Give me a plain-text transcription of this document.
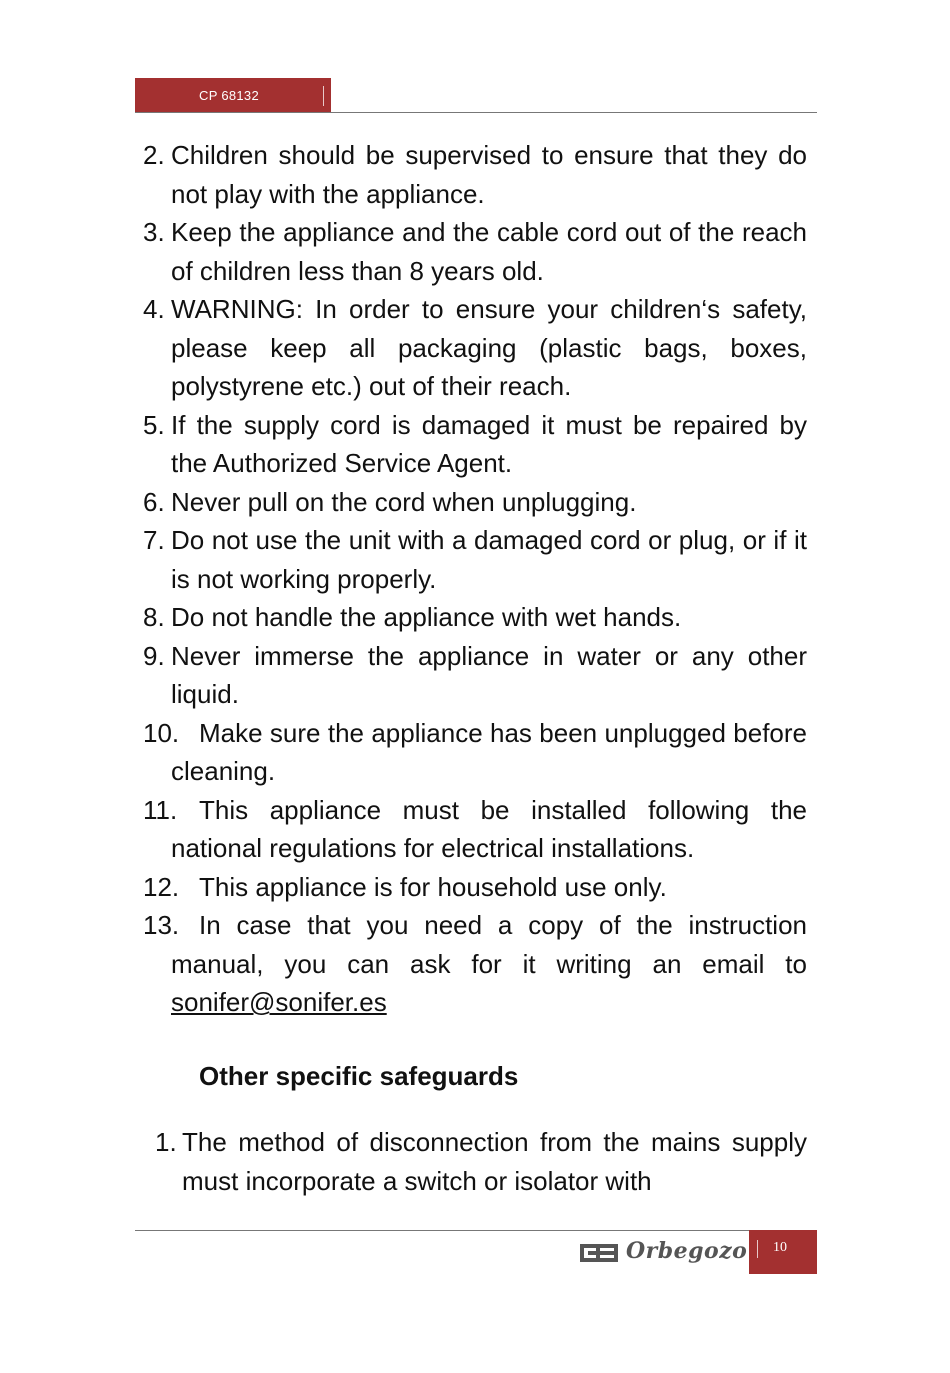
CP 68132
2. Children should be supervised to ensure that they do not play with the appliance.
3. Keep the appliance and the cable cord out of the reach of children less than 8 years old.
4. WARNING: In order to ensure your children‘s safety, please keep all packaging (plastic bags, boxes, polystyrene etc.) out of their reach.
5. If the supply cord is damaged it must be repaired by the Authorized Service Agent.
6. Never pull on the cord when unplugging.
7. Do not use the unit with a damaged cord or plug, or if it is not working properly.
8. Do not handle the appliance with wet hands.
9. Never immerse the appliance in water or any other liquid.
10. Make sure the appliance has been unplugged before cleaning.
11. This appliance must be installed following the national regulations for electrical installations.
12. This appliance is for household use only.
13. In case that you need a copy of the instruction manual, you can ask for it writing an email to sonifer@sonifer.es
Other specific safeguards
1. The method of disconnection from the mains supply must incorporate a switch or isolator with
Orbegozo 10
